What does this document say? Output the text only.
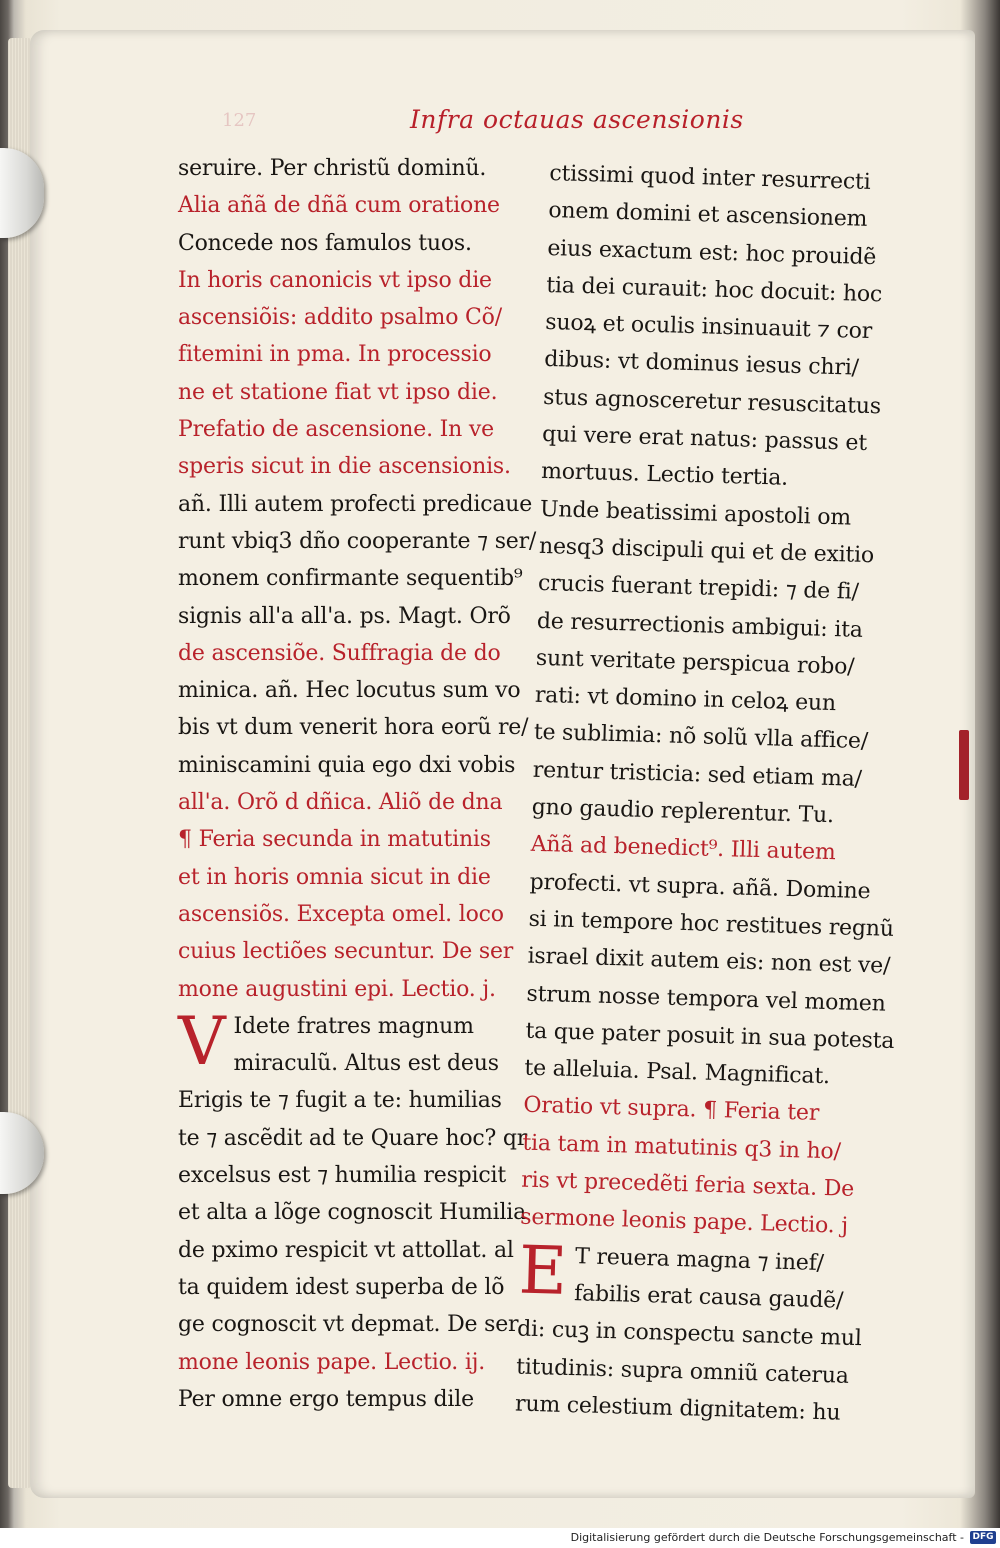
127	Infra octauas ascensionis
seruire. Per christũ dominũ.
Alia añã de dñã cum oratione
Concede nos famulos tuos.
In horis canonicis vt ipso die
ascensiõis: addito psalmo Cõ/
fitemini in pma. In processio
ne et statione fiat vt ipso die.
Prefatio de ascensione. In ve
speris sicut in die ascensionis.
añ. Illi autem profecti predicaue
runt vbiq3 dño cooperante ⁊ ser/
monem confirmante sequentib⁹
signis all'a all'a. ps. Magt. Orõ
de ascensiõe. Suffragia de do
minica. añ. Hec locutus sum vo
bis vt dum venerit hora eorũ re/
miniscamini quia ego dxi vobis
all'a. Orõ d dñica. Aliõ de dna
¶ Feria secunda in matutinis
et in horis omnia sicut in die
ascensiõs. Excepta omel. loco
cuius lectiões secuntur. De ser
mone augustini epi. Lectio. j.
V Idete fratres magnum
miraculũ. Altus est deus
Erigis te ⁊ fugit a te: humilias
te ⁊ ascẽdit ad te Quare hoc? qr
excelsus est ⁊ humilia respicit
et alta a lõge cognoscit Humilia
de pximo respicit vt attollat. al
ta quidem idest superba de lõ
ge cognoscit vt depmat. De ser
mone leonis pape. Lectio. ij.
Per omne ergo tempus dile
ctissimi quod inter resurrecti
onem domini et ascensionem
eius exactum est: hoc prouidẽ
tia dei curauit: hoc docuit: hoc
suoꝝ et oculis insinuauit ⁊ cor
dibus: vt dominus iesus chri/
stus agnosceretur resuscitatus
qui vere erat natus: passus et
mortuus. Lectio tertia.
Unde beatissimi apostoli om
nesq3 discipuli qui et de exitio
crucis fuerant trepidi: ⁊ de fi/
de resurrectionis ambigui: ita
sunt veritate perspicua robo/
rati: vt domino in celoꝝ eun
te sublimia: nõ solũ vlla affice/
rentur tristicia: sed etiam ma/
gno gaudio replerentur. Tu.
Añã ad benedict⁹. Illi autem
profecti. vt supra. añã. Domine
si in tempore hoc restitues regnũ
israel dixit autem eis: non est ve/
strum nosse tempora vel momen
ta que pater posuit in sua potesta
te alleluia. Psal. Magnificat.
Oratio vt supra. ¶ Feria ter
tia tam in matutinis q3 in ho/
ris vt precedẽti feria sexta. De
sermone leonis pape. Lectio. j
E T reuera magna ⁊ inef/
fabilis erat causa gaudẽ/
di: cuꝫ in conspectu sancte mul
titudinis: supra omniũ caterua
rum celestium dignitatem: hu
Digitalisierung gefördert durch die Deutsche Forschungsgemeinschaft - DFG
